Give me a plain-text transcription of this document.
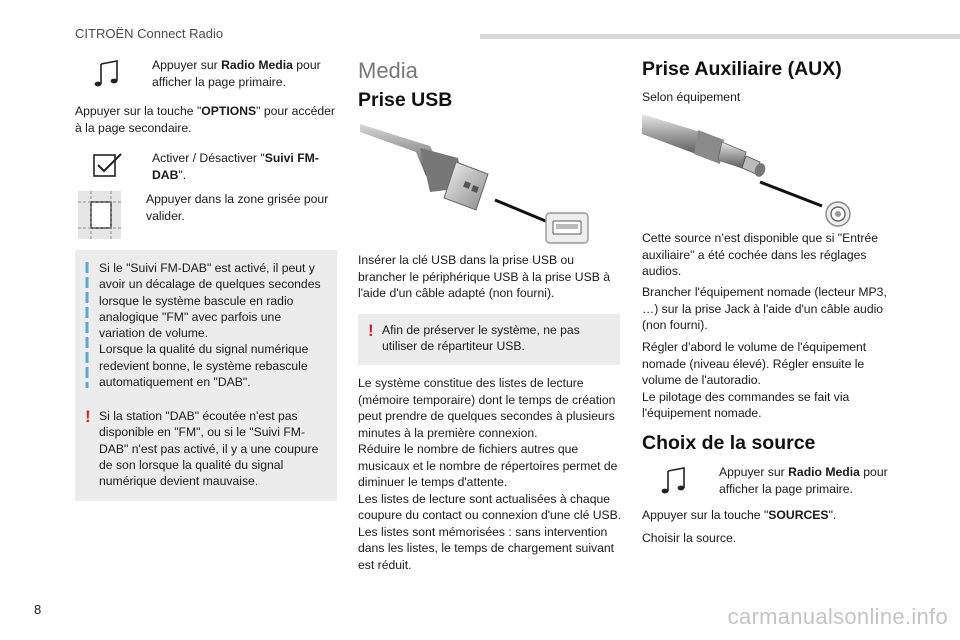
CITROËN Connect Radio
Appuyer sur Radio Media pour afficher la page primaire.
Appuyer sur la touche "OPTIONS" pour accéder à la page secondaire.
Activer / Désactiver "Suivi FM-DAB".
Appuyer dans la zone grisée pour valider.
Si le "Suivi FM-DAB" est activé, il peut y avoir un décalage de quelques secondes lorsque le système bascule en radio analogique "FM" avec parfois une variation de volume.
Lorsque la qualité du signal numérique redevient bonne, le système rebascule automatiquement en "DAB".
! Si la station "DAB" écoutée n'est pas disponible en "FM", ou si le "Suivi FM-DAB" n'est pas activé, il y a une coupure de son lorsque la qualité du signal numérique devient mauvaise.
Media
Prise USB
Insérer la clé USB dans la prise USB ou brancher le périphérique USB à la prise USB à l'aide d'un câble adapté (non fourni).
! Afin de préserver le système, ne pas utiliser de répartiteur USB.
Le système constitue des listes de lecture (mémoire temporaire) dont le temps de création peut prendre de quelques secondes à plusieurs minutes à la première connexion.
Réduire le nombre de fichiers autres que musicaux et le nombre de répertoires permet de diminuer le temps d'attente.
Les listes de lecture sont actualisées à chaque coupure du contact ou connexion d'une clé USB. Les listes sont mémorisées : sans intervention dans les listes, le temps de chargement suivant est réduit.
Prise Auxiliaire (AUX)
Selon équipement
Cette source n’est disponible que si "Entrée auxiliaire" a été cochée dans les réglages audios.
Brancher l'équipement nomade (lecteur MP3, …) sur la prise Jack à l'aide d'un câble audio (non fourni).
Régler d'abord le volume de l'équipement nomade (niveau élevé). Régler ensuite le volume de l'autoradio.
Le pilotage des commandes se fait via l'équipement nomade.
Choix de la source
Appuyer sur Radio Media pour afficher la page primaire.
Appuyer sur la touche "SOURCES".
Choisir la source.
8	carmanualsonline.info
